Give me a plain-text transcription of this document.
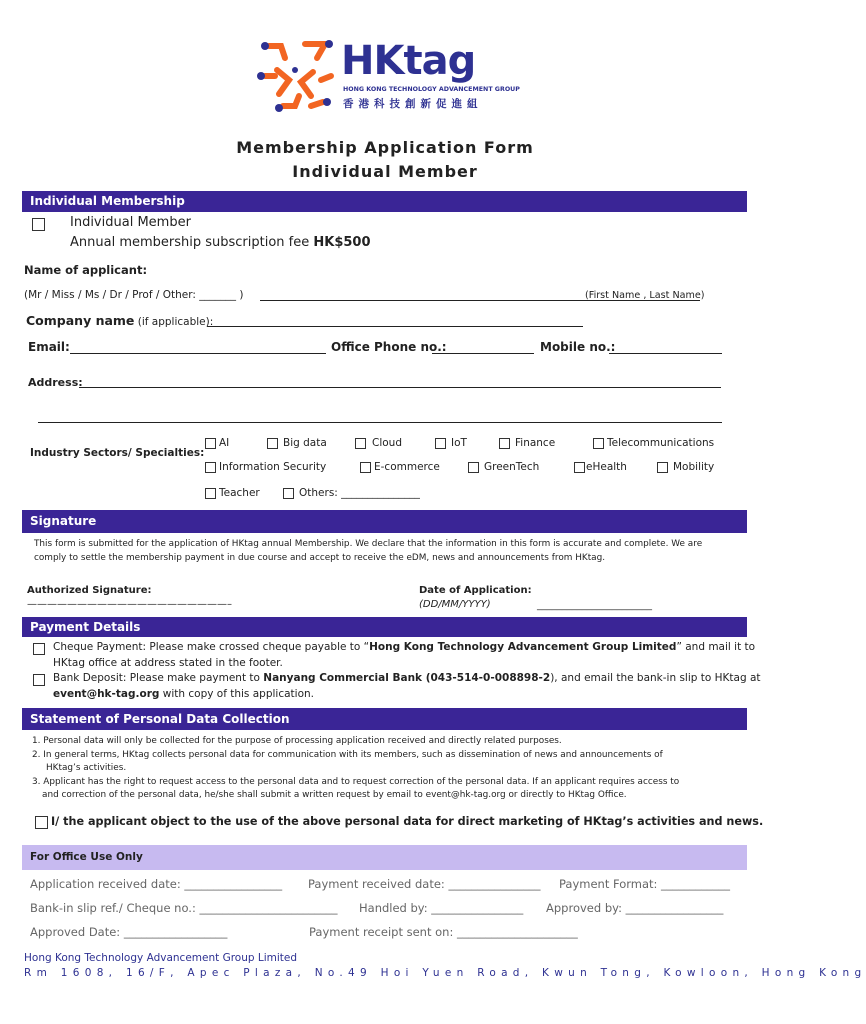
HKtag
HONG KONG TECHNOLOGY ADVANCEMENT GROUP
香港科技創新促進組
Membership Application Form
Individual Member
Individual Membership
Individual Member
Annual membership subscription fee HK$500
Name of applicant:
(Mr / Miss / Ms / Dr / Prof / Other: _______ )	(First Name , Last Name)
Company name (if applicable):
Email:	Office Phone no.:	Mobile no.:
Address:
Industry Sectors/ Specialties:
AI	Big data	Cloud	IoT	Finance	Telecommunications
Information Security	E-commerce	GreenTech	eHealth	Mobility
Teacher	Others: _______________
Signature
This form is submitted for the application of HKtag annual Membership. We declare that the information in this form is accurate and complete. We are comply to settle the membership payment in due course and accept to receive the eDM, news and announcements from HKtag.
Authorized Signature:
————————————————————–
Date of Application:
(DD/MM/YYYY)	_______________________
Payment Details
Cheque Payment: Please make crossed cheque payable to “Hong Kong Technology Advancement Group Limited” and mail it to
HKtag office at address stated in the footer.
Bank Deposit: Please make payment to Nanyang Commercial Bank (043-514-0-008898-2), and email the bank-in slip to HKtag at
event@hk-tag.org with copy of this application.
Statement of Personal Data Collection
1. Personal data will only be collected for the purpose of processing application received and directly related purposes.
2. In general terms, HKtag collects personal data for communication with its members, such as dissemination of news and announcements of
HKtag’s activities.
3. Applicant has the right to request access to the personal data and to request correction of the personal data. If an applicant requires access to
and correction of the personal data, he/she shall submit a written request by email to event@hk-tag.org or directly to HKtag Office.
I/ the applicant object to the use of the above personal data for direct marketing of HKtag’s activities and news.
For Office Use Only
Application received date: _________________ Payment received date: ________________ Payment Format: ____________
Bank-in slip ref./ Cheque no.: ________________________ Handled by: ________________ Approved by: _________________
Approved Date: __________________	Payment receipt sent on: _____________________
Hong Kong Technology Advancement Group Limited
Rm 1608, 16/F, Apec Plaza, No.49 Hoi Yuen Road, Kwun Tong, Kowloon, Hong Kong
